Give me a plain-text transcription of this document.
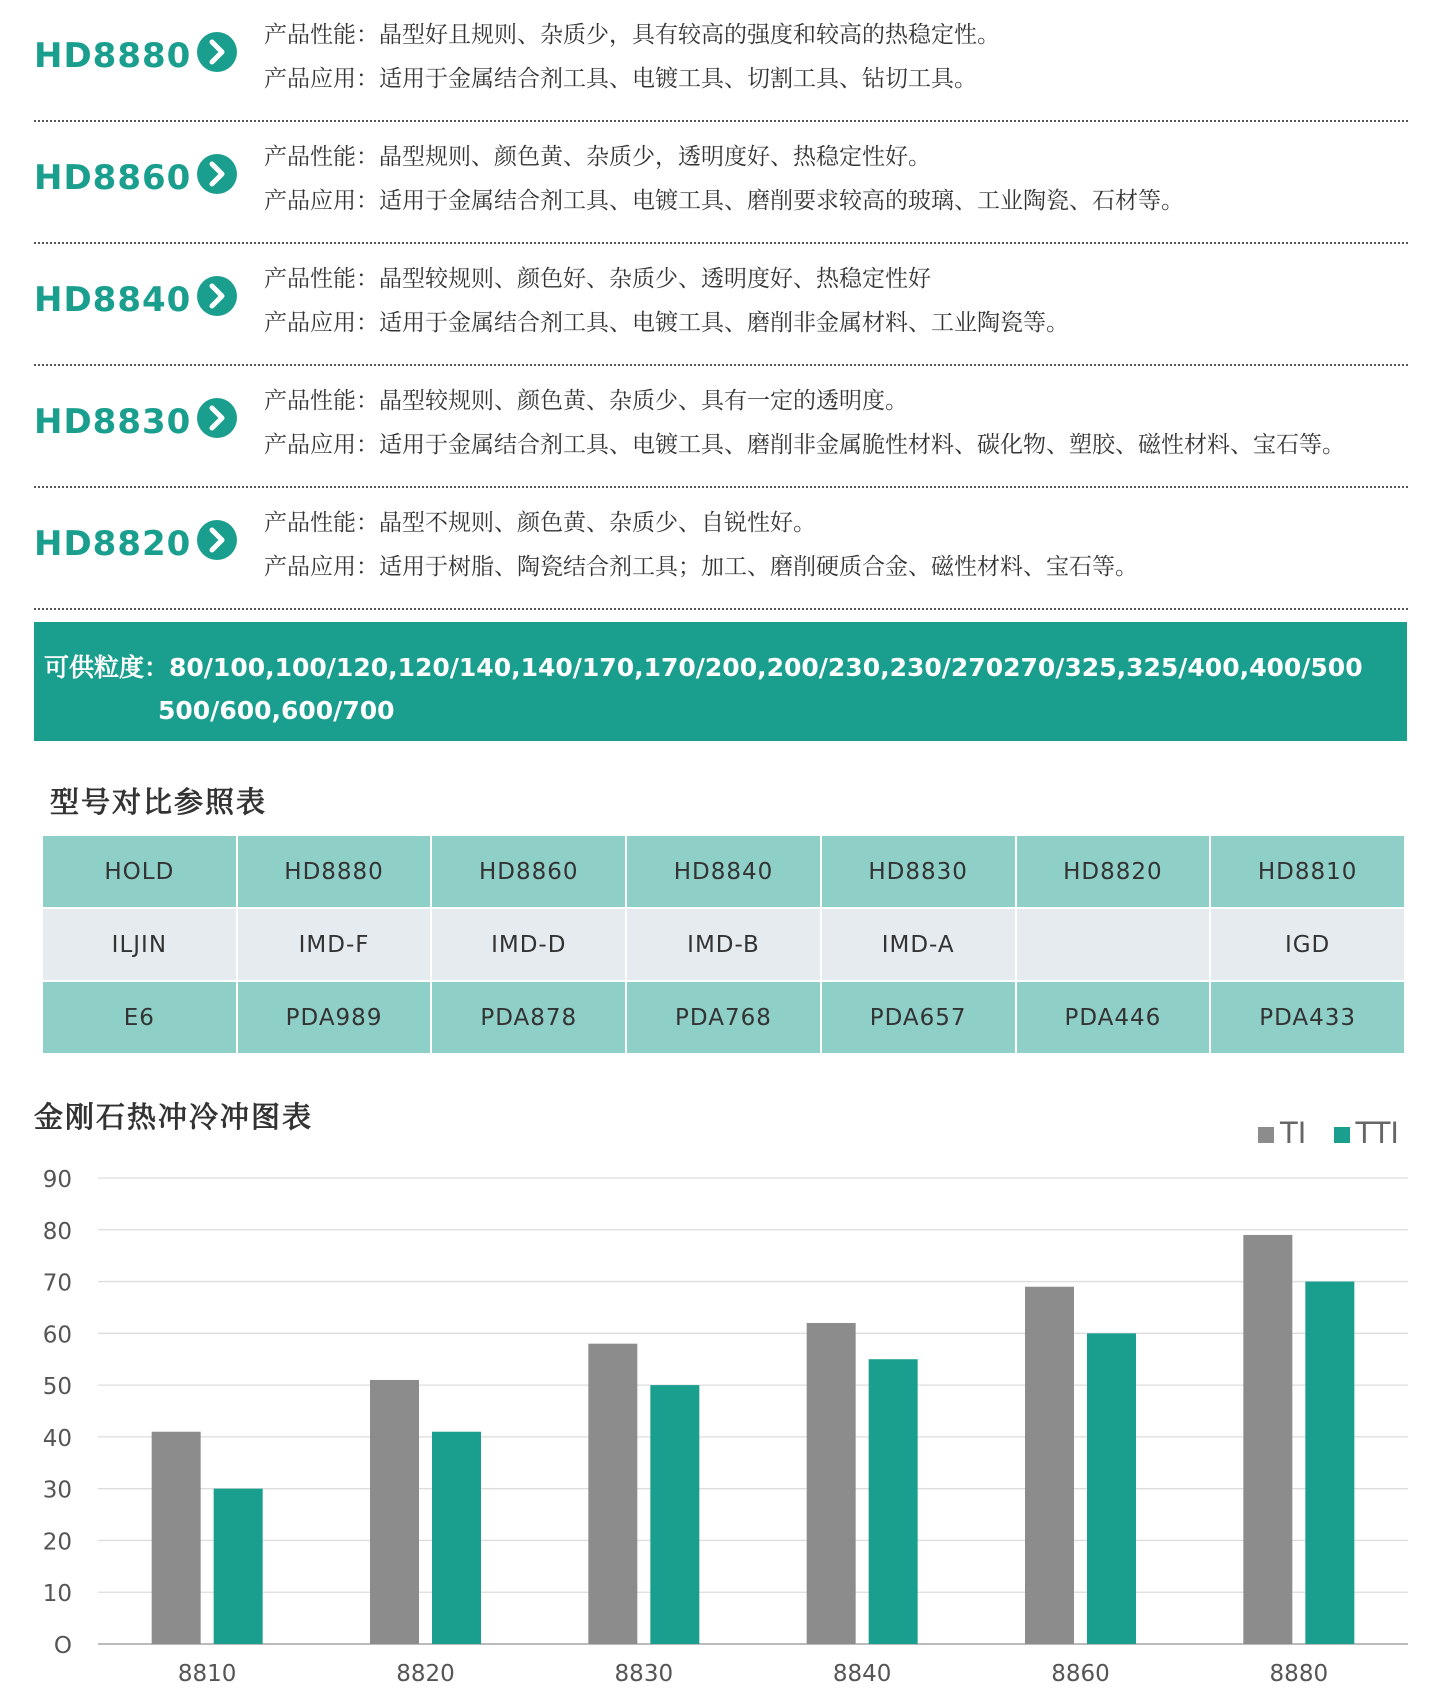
HD8880
产品性能：晶型好且规则、杂质少，具有较高的强度和较高的热稳定性。
产品应用：适用于金属结合剂工具、电镀工具、切割工具、钻切工具。
HD8860
产品性能：晶型规则、颜色黄、杂质少，透明度好、热稳定性好。
产品应用：适用于金属结合剂工具、电镀工具、磨削要求较高的玻璃、工业陶瓷、石材等。
HD8840
产品性能：晶型较规则、颜色好、杂质少、透明度好、热稳定性好
产品应用：适用于金属结合剂工具、电镀工具、磨削非金属材料、工业陶瓷等。
HD8830
产品性能：晶型较规则、颜色黄、杂质少、具有一定的透明度。
产品应用：适用于金属结合剂工具、电镀工具、磨削非金属脆性材料、碳化物、塑胶、磁性材料、宝石等。
HD8820
产品性能：晶型不规则、颜色黄、杂质少、自锐性好。
产品应用：适用于树脂、陶瓷结合剂工具；加工、磨削硬质合金、磁性材料、宝石等。
可供粒度：80/100,100/120,120/140,140/170,170/200,200/230,230/270270/325,325/400,400/500
500/600,600/700
型号对比参照表
HOLD	HD8880	HD8860	HD8840	HD8830	HD8820	HD8810
ILJIN	IMD-F	IMD-D	IMD-B	IMD-A		IGD
E6	PDA989	PDA878	PDA768	PDA657	PDA446	PDA433
金刚石热冲冷冲图表	TI TTI
O
10
20
30
40
50
60
70
80
90
8810	8820	8830	8840	8860	8880
